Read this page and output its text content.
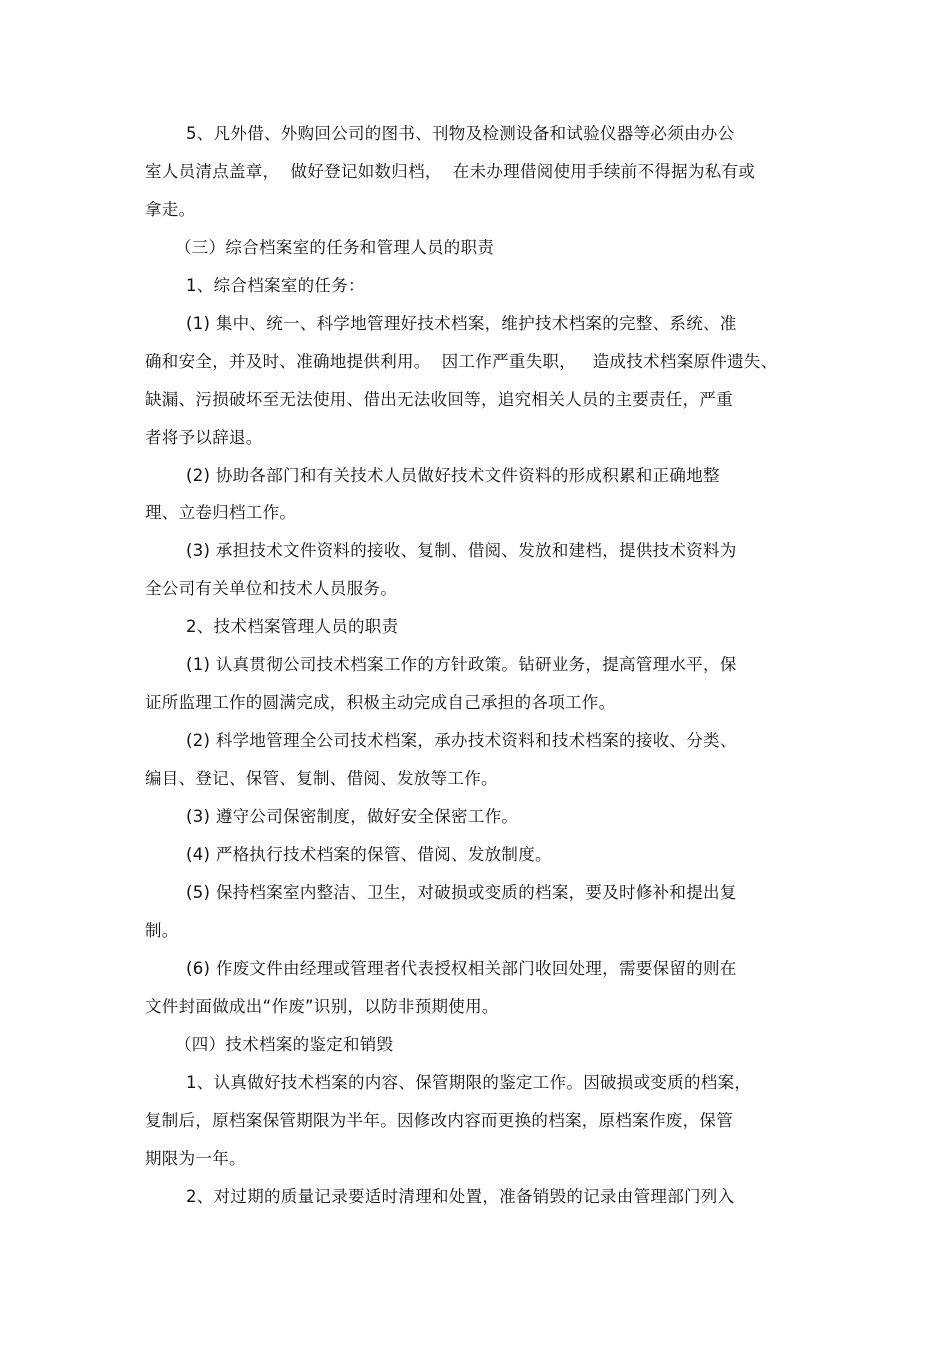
5、凡外借、外购回公司的图书、刊物及检测设备和试验仪器等必须由办公
室人员清点盖章，  做好登记如数归档，  在未办理借阅使用手续前不得据为私有或
拿走。
（三）综合档案室的任务和管理人员的职责
1、综合档案室的任务：
(1) 集中、统一、科学地管理好技术档案，维护技术档案的完整、系统、准
确和安全，并及时、准确地提供利用。  因工作严重失职，   造成技术档案原件遗失、
缺漏、污损破坏至无法使用、借出无法收回等，追究相关人员的主要责任，严重
者将予以辞退。
(2) 协助各部门和有关技术人员做好技术文件资料的形成积累和正确地整
理、立卷归档工作。
(3) 承担技术文件资料的接收、复制、借阅、发放和建档，提供技术资料为
全公司有关单位和技术人员服务。
2、技术档案管理人员的职责
(1) 认真贯彻公司技术档案工作的方针政策。钻研业务，提高管理水平，保
证所监理工作的圆满完成，积极主动完成自己承担的各项工作。
(2) 科学地管理全公司技术档案，承办技术资料和技术档案的接收、分类、
编目、登记、保管、复制、借阅、发放等工作。
(3) 遵守公司保密制度，做好安全保密工作。
(4) 严格执行技术档案的保管、借阅、发放制度。
(5) 保持档案室内整洁、卫生，对破损或变质的档案，要及时修补和提出复
制。
(6) 作废文件由经理或管理者代表授权相关部门收回处理，需要保留的则在
文件封面做成出“作废”识别，以防非预期使用。
（四）技术档案的鉴定和销毁
1、认真做好技术档案的内容、保管期限的鉴定工作。因破损或变质的档案，
复制后，原档案保管期限为半年。因修改内容而更换的档案，原档案作废，保管
期限为一年。
2、对过期的质量记录要适时清理和处置，准备销毁的记录由管理部门列入
